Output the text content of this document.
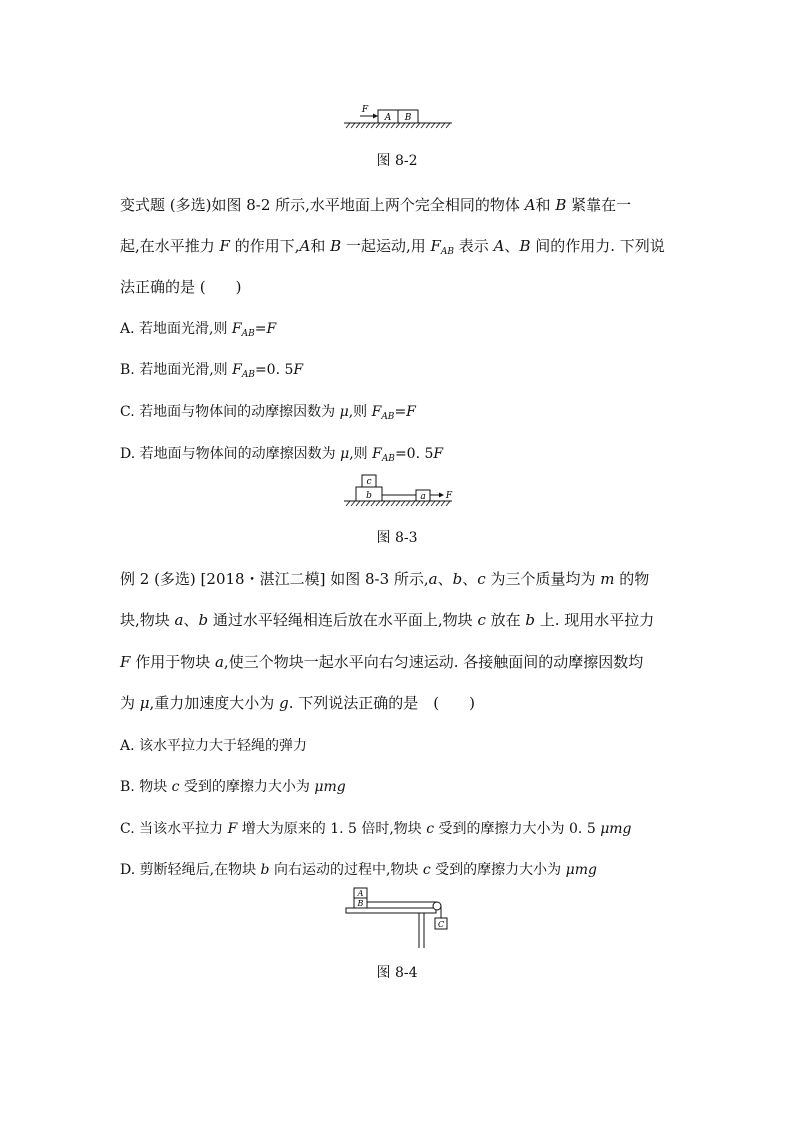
A B
F
图 8-2
变式题 (多选)如图 8-2 所示,水平地面上两个完全相同的物体 A和 B 紧靠在一
起,在水平推力 F 的作用下,A和 B 一起运动,用 $F_{AB}$ 表示 A、B 间的作用力. 下列说
法正确的是 (　　)
A. 若地面光滑,则 $F_{AB}=F$
B. 若地面光滑,则 $F_{AB}=0$. 5F
C. 若地面与物体间的动摩擦因数为 μ,则 $F_{AB}=F$
D. 若地面与物体间的动摩擦因数为 μ,则 $F_{AB}=0$. 5F
c
b	a F
图 8-3
例 2 (多选) [2018・湛江二模] 如图 8-3 所示,a、b、c 为三个质量均为 m 的物
块,物块 a、b 通过水平轻绳相连后放在水平面上,物块 c 放在 b 上. 现用水平拉力
F 作用于物块 a,使三个物块一起水平向右匀速运动. 各接触面间的动摩擦因数均
为 μ,重力加速度大小为 g. 下列说法正确的是　(　　)
A. 该水平拉力大于轻绳的弹力
B. 物块 c 受到的摩擦力大小为 μmg
C. 当该水平拉力 F 增大为原来的 1. 5 倍时,物块 c 受到的摩擦力大小为 0. 5 μmg
D. 剪断轻绳后,在物块 b 向右运动的过程中,物块 c 受到的摩擦力大小为 μmg
A
B
C
图 8-4
